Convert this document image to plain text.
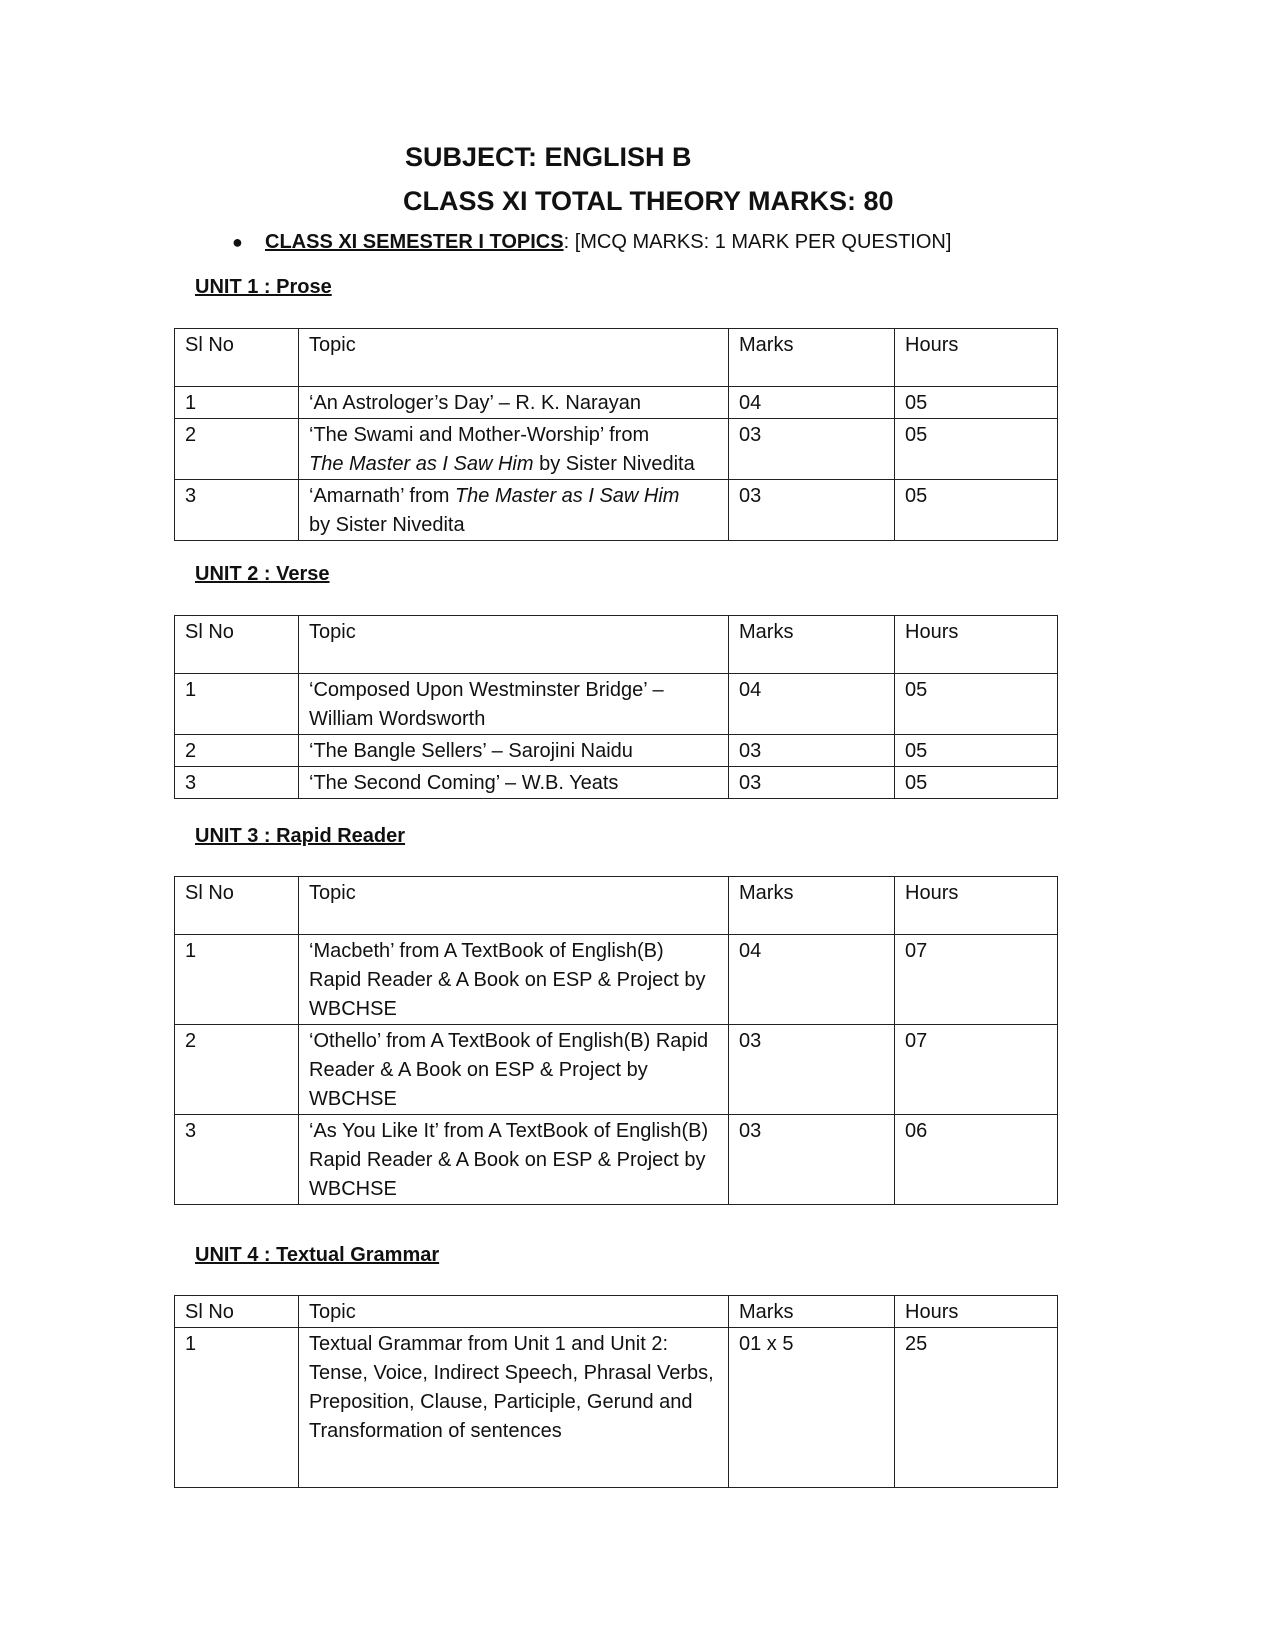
SUBJECT: ENGLISH B
CLASS XI TOTAL THEORY MARKS: 80
● CLASS XI SEMESTER I TOPICS: [MCQ MARKS: 1 MARK PER QUESTION]
UNIT 1 : Prose
Sl No	Topic	Marks	Hours
1	‘An Astrologer’s Day’ – R. K. Narayan	04	05
2	‘The Swami and Mother-Worship’ from
The Master as I Saw Him by Sister Nivedita	03	05
3	‘Amarnath’ from The Master as I Saw Him
by Sister Nivedita	03	05
UNIT 2 : Verse
Sl No	Topic	Marks	Hours
1	‘Composed Upon Westminster Bridge’ – William Wordsworth	04	05
2	‘The Bangle Sellers’ – Sarojini Naidu	03	05
3	‘The Second Coming’ – W.B. Yeats	03	05
UNIT 3 : Rapid Reader
Sl No	Topic	Marks	Hours
1	‘Macbeth’ from A TextBook of English(B) Rapid Reader & A Book on ESP & Project by WBCHSE	04	07
2	‘Othello’ from A TextBook of English(B) Rapid Reader & A Book on ESP & Project by WBCHSE	03	07
3	‘As You Like It’ from A TextBook of English(B) Rapid Reader & A Book on ESP & Project by WBCHSE	03	06
UNIT 4 : Textual Grammar
Sl No	Topic	Marks	Hours
1	Textual Grammar from Unit 1 and Unit 2: Tense, Voice, Indirect Speech, Phrasal Verbs, Preposition, Clause, Participle, Gerund and Transformation of sentences	01 x 5	25
